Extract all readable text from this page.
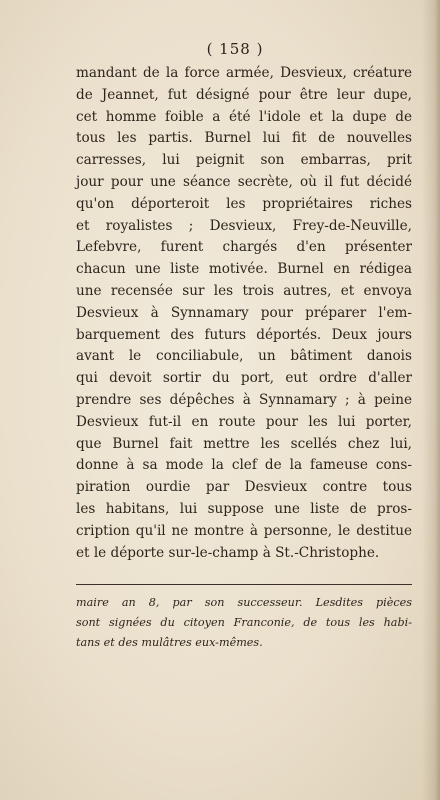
( 158 )
mandant de la force armée, Desvieux, créature
de Jeannet, fut désigné pour être leur dupe,
cet homme foible a été l'idole et la dupe de
tous les partis. Burnel lui fit de nouvelles
carresses, lui peignit son embarras, prit
jour pour une séance secrète, où il fut décidé
qu'on déporteroit les propriétaires riches
et royalistes ; Desvieux, Frey-de-Neuville,
Lefebvre, furent chargés d'en présenter
chacun une liste motivée. Burnel en rédigea
une recensée sur les trois autres, et envoya
Desvieux à Synnamary pour préparer l'em-
barquement des futurs déportés. Deux jours
avant le conciliabule, un bâtiment danois
qui devoit sortir du port, eut ordre d'aller
prendre ses dépêches à Synnamary ; à peine
Desvieux fut-il en route pour les lui porter,
que Burnel fait mettre les scellés chez lui,
donne à sa mode la clef de la fameuse cons-
piration ourdie par Desvieux contre tous
les habitans, lui suppose une liste de pros-
cription qu'il ne montre à personne, le destitue
et le déporte sur-le-champ à St.-Christophe.
maire an 8, par son successeur. Lesdites pièces
sont signées du citoyen Franconie, de tous les habi-
tans et des mulâtres eux-mêmes.
